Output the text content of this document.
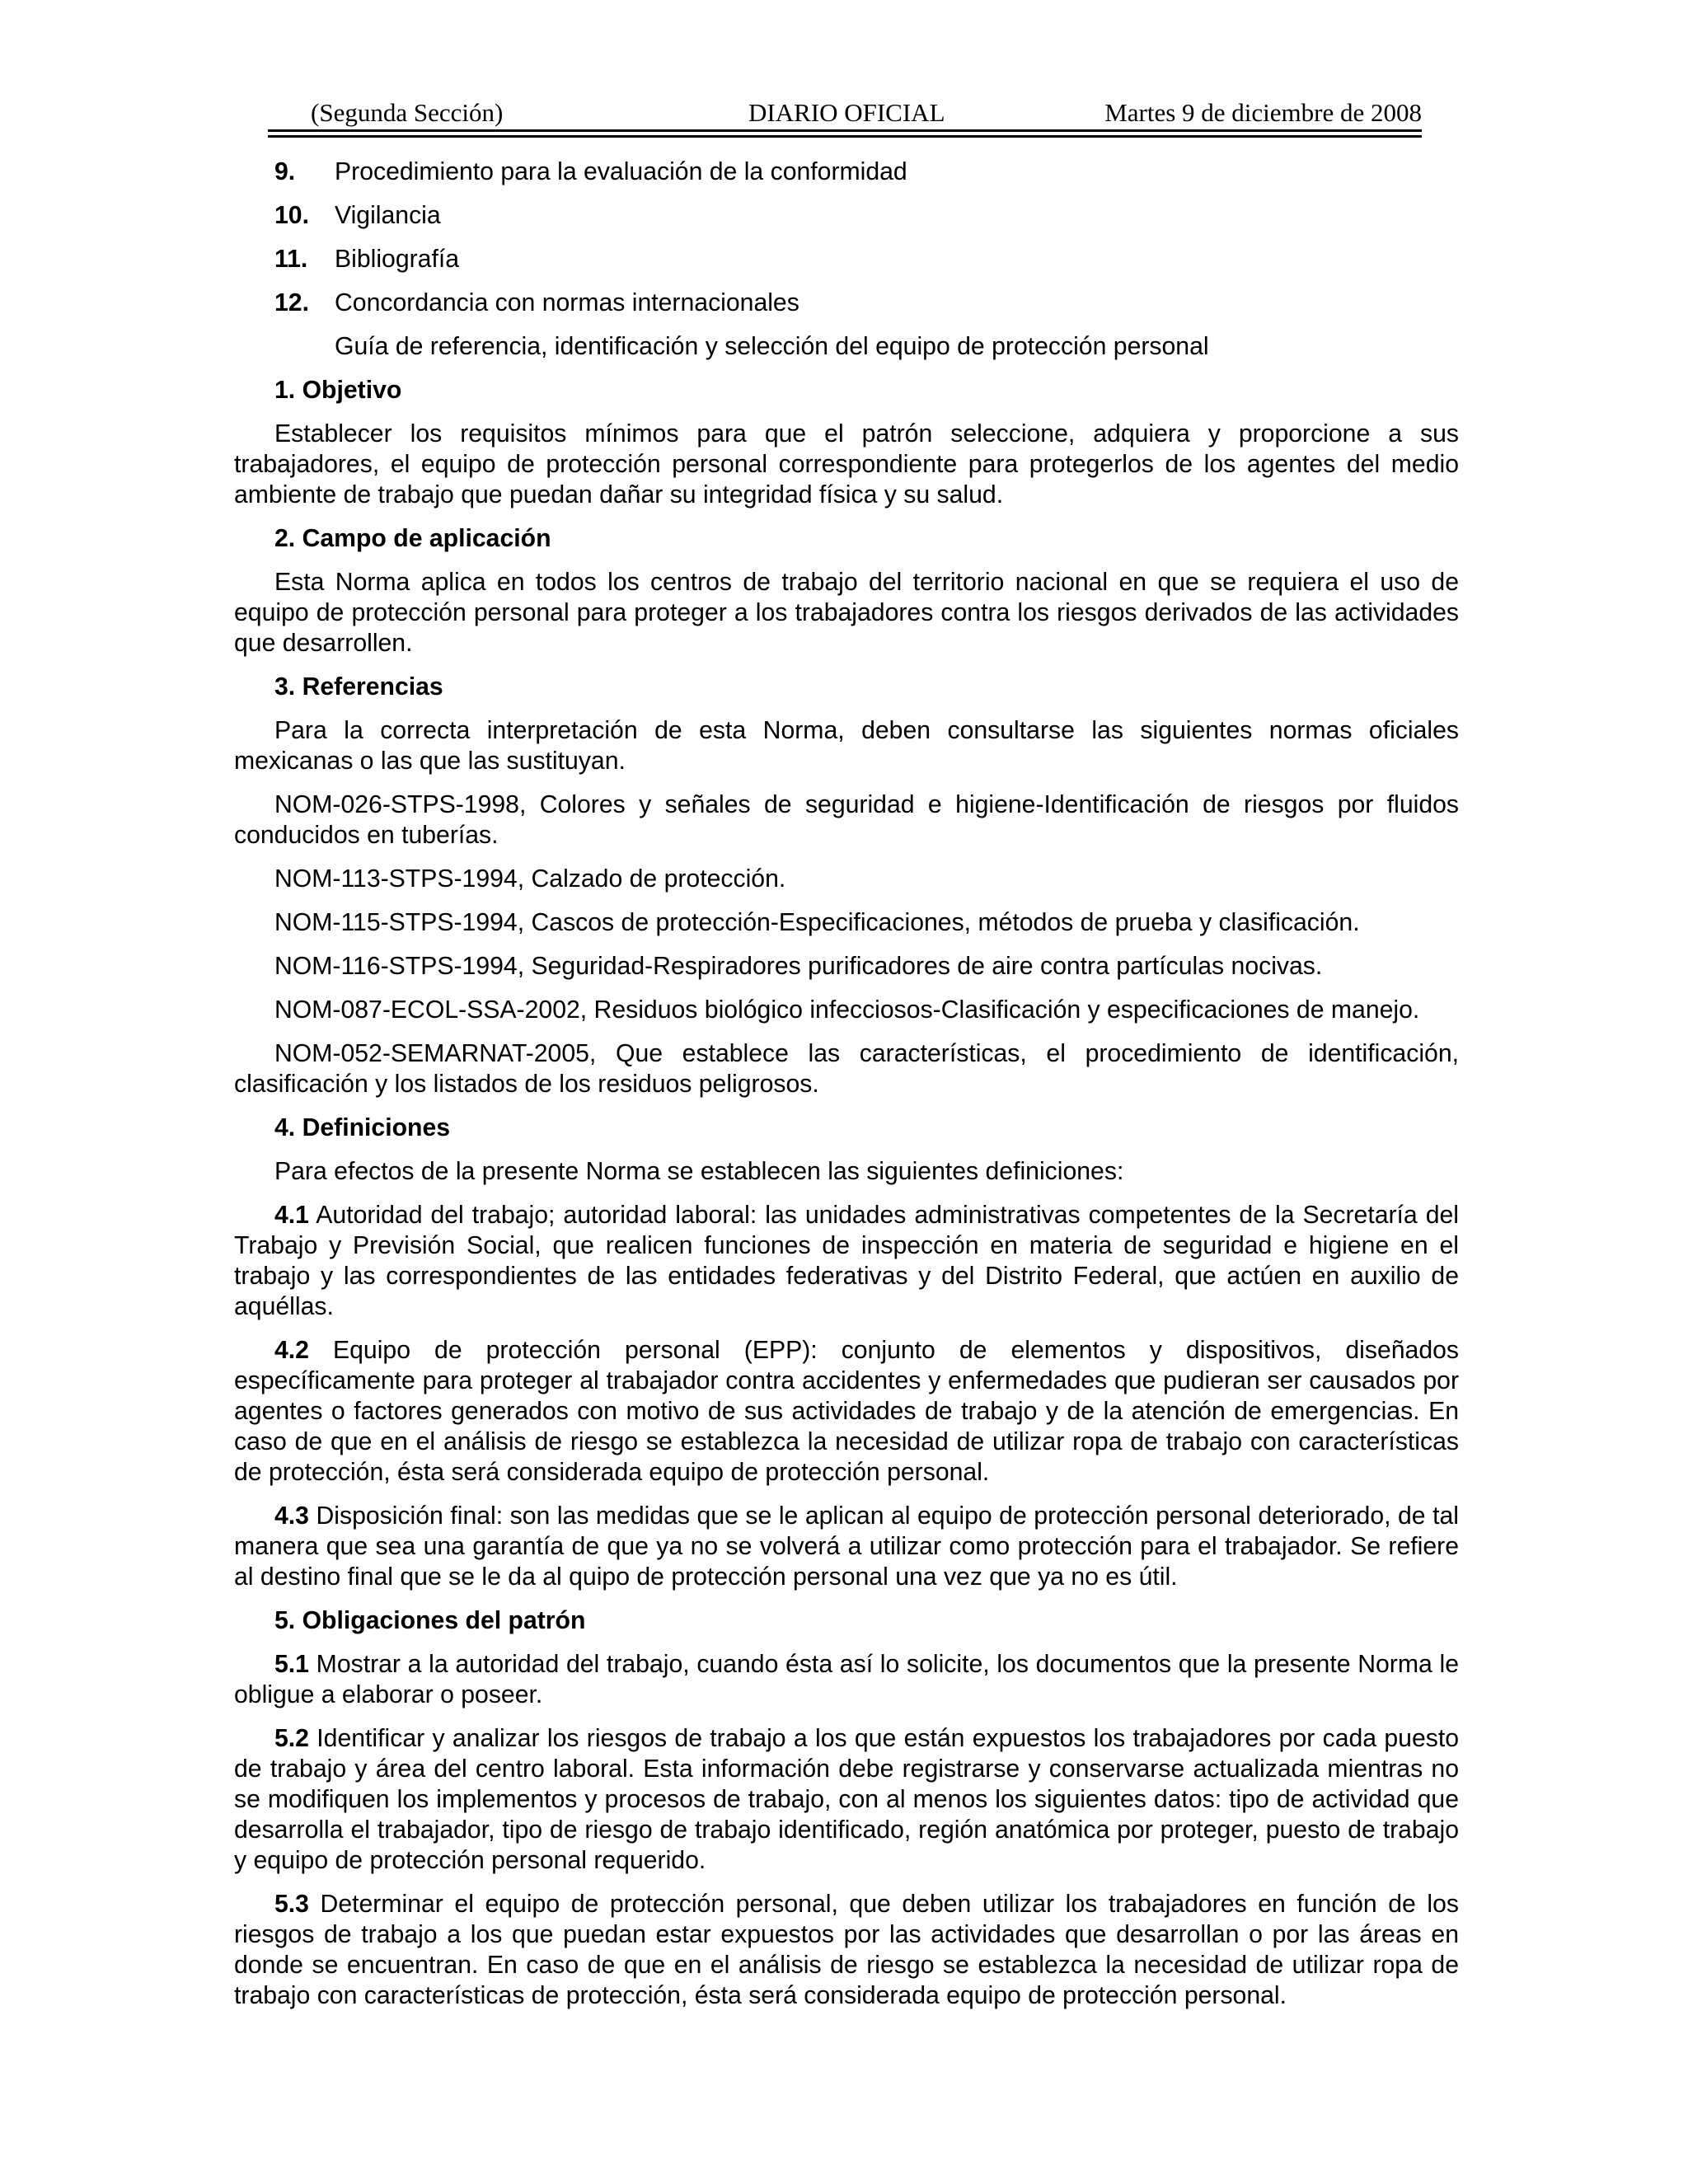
(Segunda Sección)	DIARIO OFICIAL	Martes 9 de diciembre de 2008
9.	Procedimiento para la evaluación de la conformidad
10.	Vigilancia
11.	Bibliografía
12.	Concordancia con normas internacionales
Guía de referencia, identificación y selección del equipo de protección personal
1. Objetivo

Establecer los requisitos mínimos para que el patrón seleccione, adquiera y proporcione a sus trabajadores, el equipo de protección personal correspondiente para protegerlos de los agentes del medio ambiente de trabajo que puedan dañar su integridad física y su salud.

2. Campo de aplicación

Esta Norma aplica en todos los centros de trabajo del territorio nacional en que se requiera el uso de equipo de protección personal para proteger a los trabajadores contra los riesgos derivados de las actividades que desarrollen.

3. Referencias

Para la correcta interpretación de esta Norma, deben consultarse las siguientes normas oficiales mexicanas o las que las sustituyan.

NOM-026-STPS-1998, Colores y señales de seguridad e higiene-Identificación de riesgos por fluidos conducidos en tuberías.

NOM-113-STPS-1994, Calzado de protección.

NOM-115-STPS-1994, Cascos de protección-Especificaciones, métodos de prueba y clasificación.

NOM-116-STPS-1994, Seguridad-Respiradores purificadores de aire contra partículas nocivas.

NOM-087-ECOL-SSA-2002, Residuos biológico infecciosos-Clasificación y especificaciones de manejo.

NOM-052-SEMARNAT-2005, Que establece las características, el procedimiento de identificación, clasificación y los listados de los residuos peligrosos.

4. Definiciones

Para efectos de la presente Norma se establecen las siguientes definiciones:

4.1 Autoridad del trabajo; autoridad laboral: las unidades administrativas competentes de la Secretaría del Trabajo y Previsión Social, que realicen funciones de inspección en materia de seguridad e higiene en el trabajo y las correspondientes de las entidades federativas y del Distrito Federal, que actúen en auxilio de aquéllas.

4.2 Equipo de protección personal (EPP): conjunto de elementos y dispositivos, diseñados específicamente para proteger al trabajador contra accidentes y enfermedades que pudieran ser causados por agentes o factores generados con motivo de sus actividades de trabajo y de la atención de emergencias. En caso de que en el análisis de riesgo se establezca la necesidad de utilizar ropa de trabajo con características de protección, ésta será considerada equipo de protección personal.

4.3 Disposición final: son las medidas que se le aplican al equipo de protección personal deteriorado, de tal manera que sea una garantía de que ya no se volverá a utilizar como protección para el trabajador. Se refiere al destino final que se le da al quipo de protección personal una vez que ya no es útil.

5. Obligaciones del patrón

5.1 Mostrar a la autoridad del trabajo, cuando ésta así lo solicite, los documentos que la presente Norma le obligue a elaborar o poseer.

5.2 Identificar y analizar los riesgos de trabajo a los que están expuestos los trabajadores por cada puesto de trabajo y área del centro laboral. Esta información debe registrarse y conservarse actualizada mientras no se modifiquen los implementos y procesos de trabajo, con al menos los siguientes datos: tipo de actividad que desarrolla el trabajador, tipo de riesgo de trabajo identificado, región anatómica por proteger, puesto de trabajo y equipo de protección personal requerido.

5.3 Determinar el equipo de protección personal, que deben utilizar los trabajadores en función de los riesgos de trabajo a los que puedan estar expuestos por las actividades que desarrollan o por las áreas en donde se encuentran. En caso de que en el análisis de riesgo se establezca la necesidad de utilizar ropa de trabajo con características de protección, ésta será considerada equipo de protección personal.
